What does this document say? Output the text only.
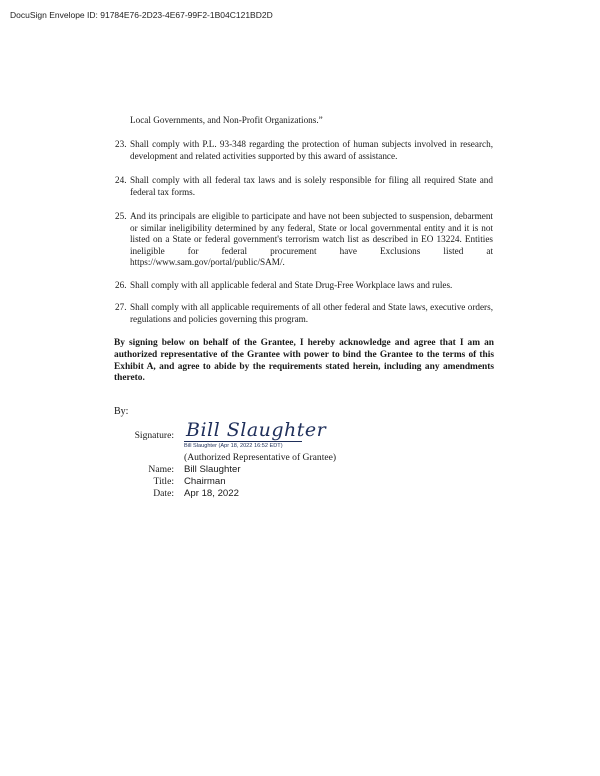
DocuSign Envelope ID: 91784E76-2D23-4E67-99F2-1B04C121BD2D
Local Governments, and Non-Profit Organizations.”
23. Shall comply with P.L. 93-348 regarding the protection of human subjects involved in research, development and related activities supported by this award of assistance.
24. Shall comply with all federal tax laws and is solely responsible for filing all required State and federal tax forms.
25. And its principals are eligible to participate and have not been subjected to suspension, debarment or similar ineligibility determined by any federal, State or local governmental entity and it is not listed on a State or federal government's terrorism watch list as described in EO 13224. Entities ineligible for federal procurement have Exclusions listed at https://www.sam.gov/portal/public/SAM/.
26. Shall comply with all applicable federal and State Drug-Free Workplace laws and rules.
27. Shall comply with all applicable requirements of all other federal and State laws, executive orders, regulations and policies governing this program.
By signing below on behalf of the Grantee, I hereby acknowledge and agree that I am an authorized representative of the Grantee with power to bind the Grantee to the terms of this Exhibit A, and agree to abide by the requirements stated herein, including any amendments thereto.
By:
Signature: Bill Slaughter
Bill Slaughter (Apr 18, 2022 16:52 EDT)
(Authorized Representative of Grantee)
Name: Bill Slaughter
Title: Chairman
Date: Apr 18, 2022
